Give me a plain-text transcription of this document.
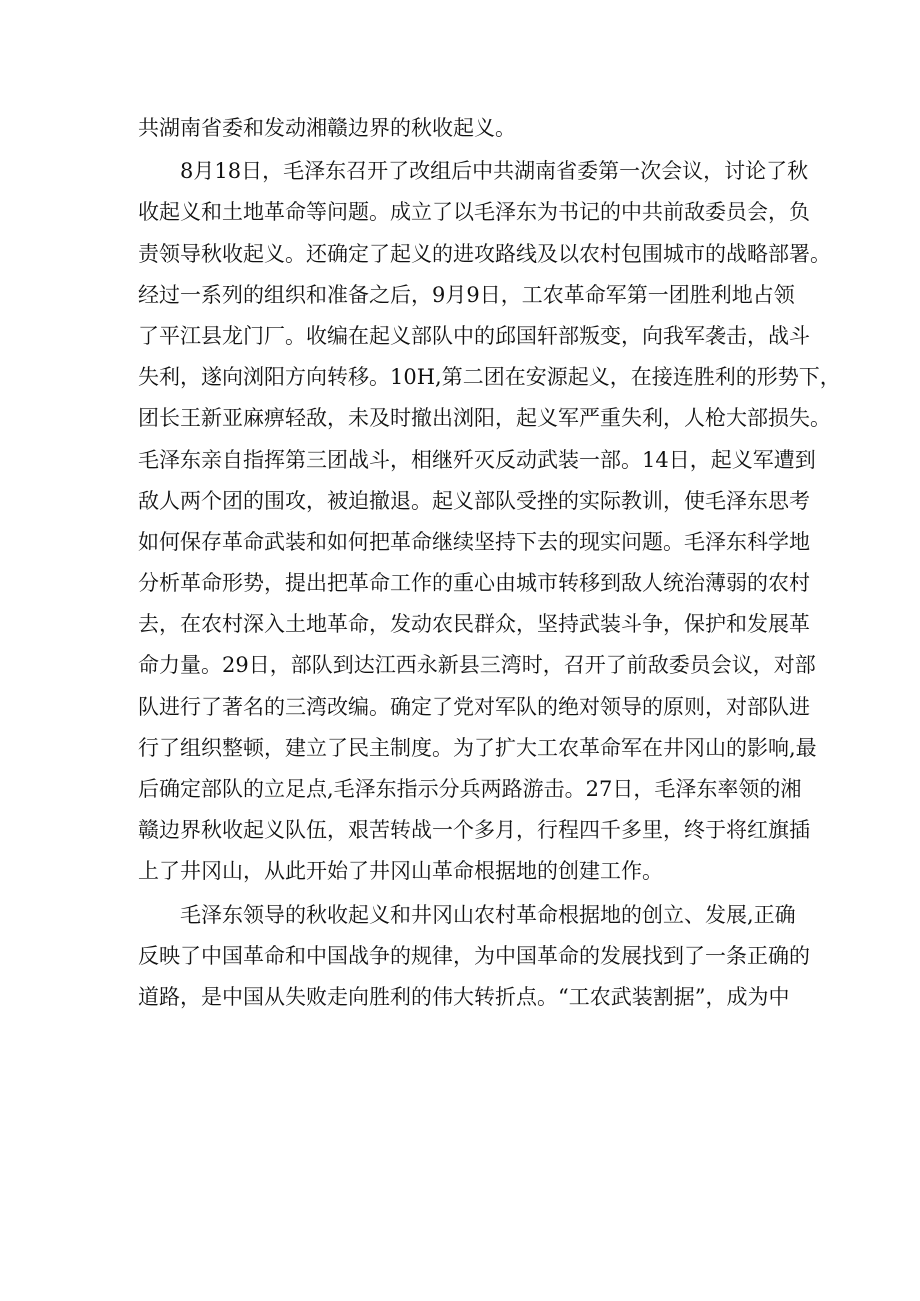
共湖南省委和发动湘赣边界的秋收起义。
8月18日，毛泽东召开了改组后中共湖南省委第一次会议，讨论了秋
收起义和土地革命等问题。成立了以毛泽东为书记的中共前敌委员会，负
责领导秋收起义。还确定了起义的进攻路线及以农村包围城市的战略部署。
经过一系列的组织和准备之后，9月9日，工农革命军第一团胜利地占领
了平江县龙门厂。收编在起义部队中的邱国轩部叛变，向我军袭击，战斗
失利，遂向浏阳方向转移。10H,第二团在安源起义，在接连胜利的形势下，
团长王新亚麻痹轻敌，未及时撤出浏阳，起义军严重失利，人枪大部损失。
毛泽东亲自指挥第三团战斗，相继歼灭反动武装一部。14日，起义军遭到
敌人两个团的围攻，被迫撤退。起义部队受挫的实际教训，使毛泽东思考
如何保存革命武装和如何把革命继续坚持下去的现实问题。毛泽东科学地
分析革命形势，提出把革命工作的重心由城市转移到敌人统治薄弱的农村
去，在农村深入土地革命，发动农民群众，坚持武装斗争，保护和发展革
命力量。29日，部队到达江西永新县三湾时，召开了前敌委员会议，对部
队进行了著名的三湾改编。确定了党对军队的绝对领导的原则，对部队进
行了组织整顿，建立了民主制度。为了扩大工农革命军在井冈山的影响,最
后确定部队的立足点,毛泽东指示分兵两路游击。27日，毛泽东率领的湘
赣边界秋收起义队伍，艰苦转战一个多月，行程四千多里，终于将红旗插
上了井冈山，从此开始了井冈山革命根据地的创建工作。
毛泽东领导的秋收起义和井冈山农村革命根据地的创立、发展,正确
反映了中国革命和中国战争的规律，为中国革命的发展找到了一条正确的
道路，是中国从失败走向胜利的伟大转折点。“工农武装割据”，成为中
